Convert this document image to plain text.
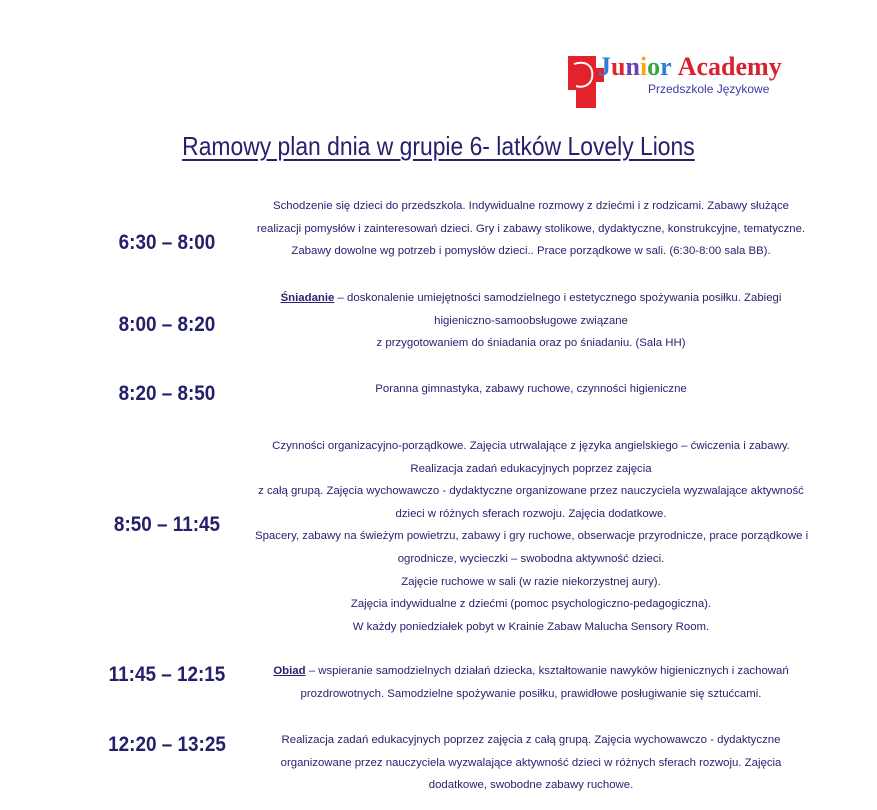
Junior Academy
Przedszkole Językowe
Ramowy plan dnia w grupie 6- latków Lovely Lions
6:30 – 8:00
Schodzenie się dzieci do przedszkola. Indywidualne rozmowy z dziećmi i z rodzicami. Zabawy służące
realizacji pomysłów i zainteresowań dzieci. Gry i zabawy stolikowe, dydaktyczne, konstrukcyjne, tematyczne.
Zabawy dowolne wg potrzeb i pomysłów dzieci.. Prace porządkowe w sali. (6:30-8:00 sala BB).
8:00 – 8:20
Śniadanie – doskonalenie umiejętności samodzielnego i estetycznego spożywania posiłku. Zabiegi
higieniczno-samoobsługowe związane
z przygotowaniem do śniadania oraz po śniadaniu. (Sala HH)
8:20 – 8:50	Poranna gimnastyka, zabawy ruchowe, czynności higieniczne
8:50 – 11:45
Czynności organizacyjno-porządkowe. Zajęcia utrwalające z języka angielskiego – ćwiczenia i zabawy.
Realizacja zadań edukacyjnych poprzez zajęcia
z całą grupą. Zajęcia wychowawczo - dydaktyczne organizowane przez nauczyciela wyzwalające aktywność
dzieci w różnych sferach rozwoju. Zajęcia dodatkowe.
Spacery, zabawy na świeżym powietrzu, zabawy i gry ruchowe, obserwacje przyrodnicze, prace porządkowe i
ogrodnicze, wycieczki – swobodna aktywność dzieci.
Zajęcie ruchowe w sali (w razie niekorzystnej aury).
Zajęcia indywidualne z dziećmi (pomoc psychologiczno-pedagogiczna).
W każdy poniedziałek pobyt w Krainie Zabaw Malucha Sensory Room.
11:45 – 12:15	Obiad – wspieranie samodzielnych działań dziecka, kształtowanie nawyków higienicznych i zachowań
prozdrowotnych. Samodzielne spożywanie posiłku, prawidłowe posługiwanie się sztućcami.
12:20 – 13:25	Realizacja zadań edukacyjnych poprzez zajęcia z całą grupą. Zajęcia wychowawczo - dydaktyczne
organizowane przez nauczyciela wyzwalające aktywność dzieci w różnych sferach rozwoju. Zajęcia
dodatkowe, swobodne zabawy ruchowe.
